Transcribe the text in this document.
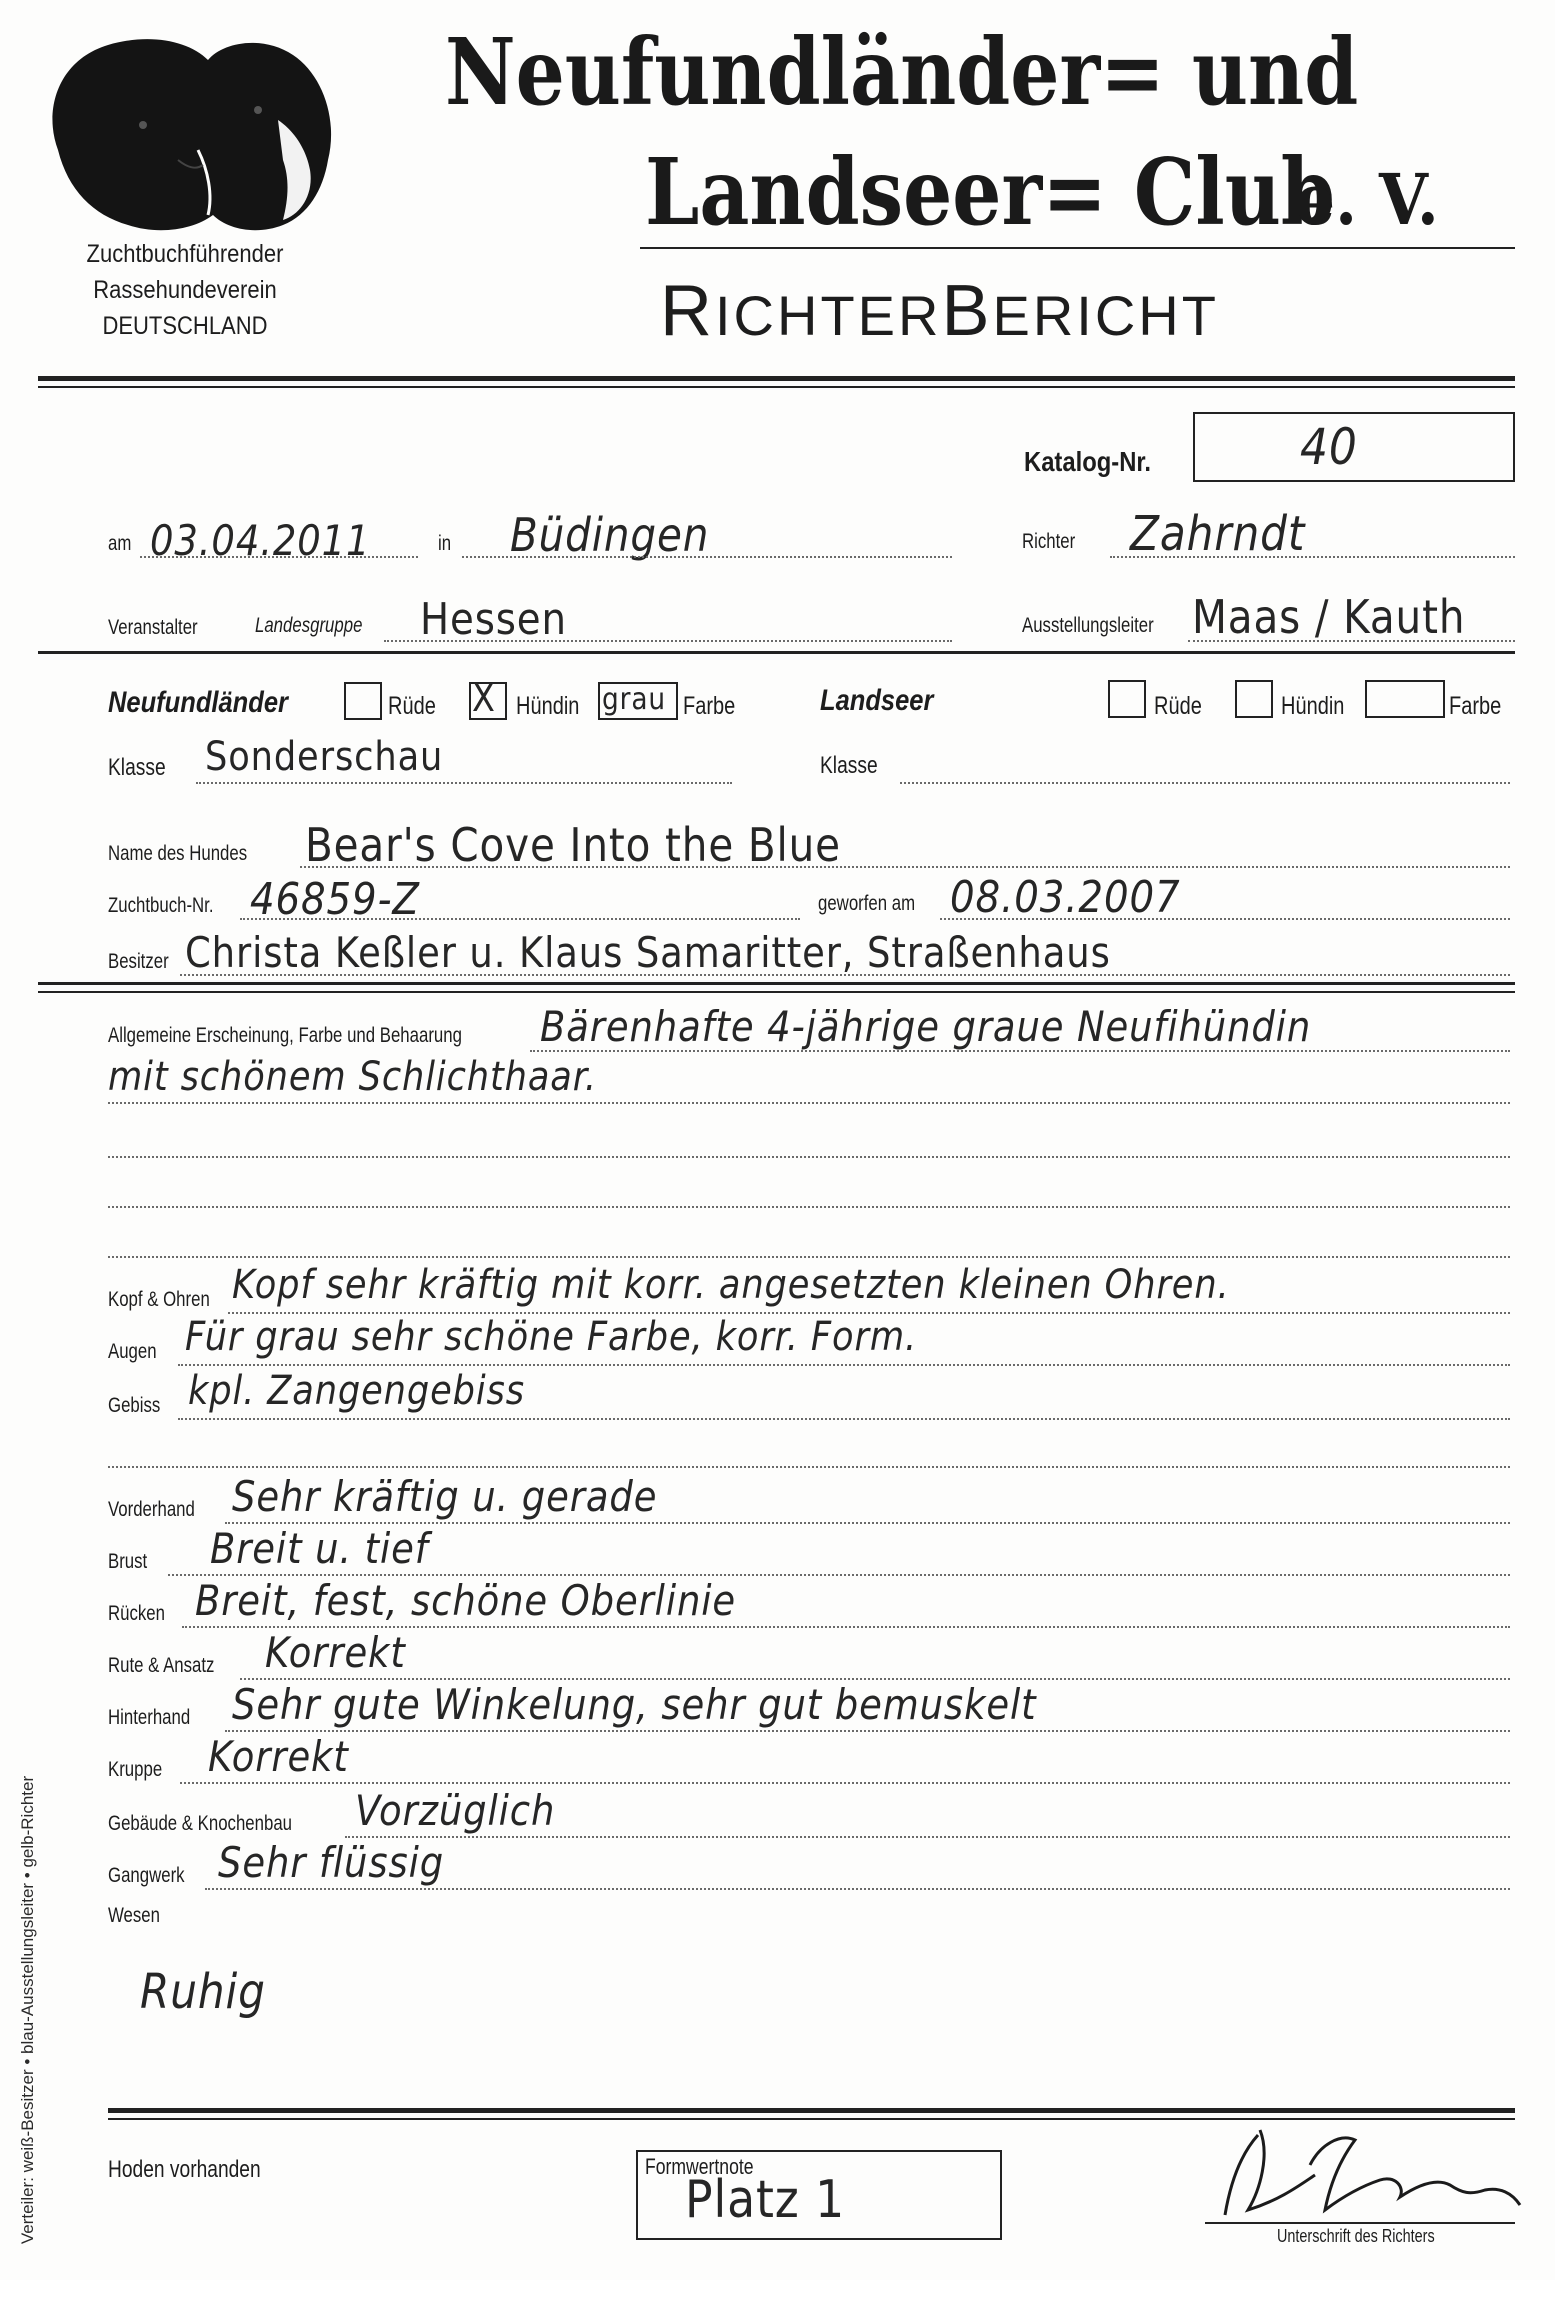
Zuchtbuchführender
Rassehundeverein
DEUTSCHLAND
Neufundländer= und
Landseer= Club
e. V.
RICHTERBERICHT
Katalog-Nr.	40
am 03.04.2011	in Büdingen	Richter Zahrndt
Veranstalter	Landesgruppe Hessen	Ausstellungsleiter Maas / Kauth
Neufundländer	Rüde X Hündin grau Farbe	Landseer	Rüde	Hündin	Farbe
Klasse Sonderschau	Klasse
Name des Hundes Bear's Cove Into the Blue
Zuchtbuch-Nr. 46859-Z	geworfen am 08.03.2007
Besitzer Christa Keßler u. Klaus Samaritter, Straßenhaus
Allgemeine Erscheinung, Farbe und Behaarung Bärenhafte 4-jährige graue Neufihündin
mit schönem Schlichthaar.
Kopf & Ohren Kopf sehr kräftig mit korr. angesetzten kleinen Ohren.
Augen Für grau sehr schöne Farbe, korr. Form.
Gebiss kpl. Zangengebiss
Vorderhand Sehr kräftig u. gerade
Brust Breit u. tief
Rücken Breit, fest, schöne Oberlinie
Rute & Ansatz Korrekt
Hinterhand Sehr gute Winkelung, sehr gut bemuskelt
Kruppe Korrekt
Gebäude & Knochenbau Vorzüglich
Gangwerk Sehr flüssig
Wesen
Ruhig
Hoden vorhanden	Formwertnote
Platz 1
Unterschrift des Richters
Verteiler: weiß-Besitzer • blau-Ausstellungsleiter • gelb-Richter
